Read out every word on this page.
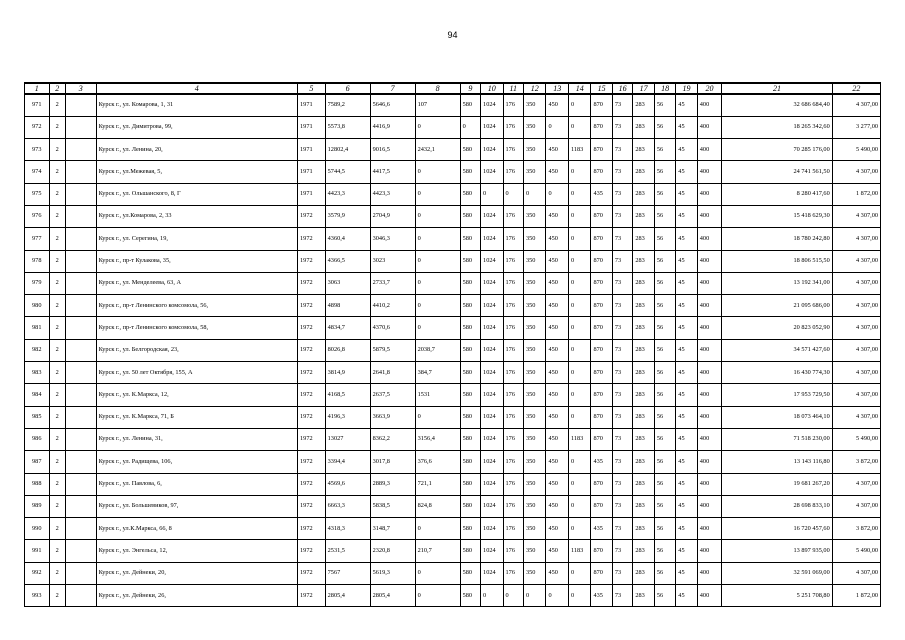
94
1	2	3	4	5	6	7	8	9	10	11	12	13	14	15	16	17	18	19	20	21	22
971	2		Курск г., ул. Комарова, 1, 31	1971	7589,2	5646,6	107	580	1024	176	350	450	0	870	73	283	56	45	400	32 686 684,40	4 307,00
972	2		Курск г., ул. Димитрова, 99,	1971	5573,8	4416,9	0	0	1024	176	350	0	0	870	73	283	56	45	400	18 265 342,60	3 277,00
973	2		Курск г., ул. Ленина, 20,	1971	12802,4	9016,5	2432,1	580	1024	176	350	450	1183	870	73	283	56	45	400	70 285 176,00	5 490,00
974	2		Курск г., ул.Межевая, 5,	1971	5744,5	4417,5	0	580	1024	176	350	450	0	870	73	283	56	45	400	24 741 561,50	4 307,00
975	2		Курск г., ул. Ольшанского, 8, Г	1971	4423,3	4423,3	0	580	0	0	0	0	0	435	73	283	56	45	400	8 280 417,60	1 872,00
976	2		Курск г., ул.Комарова, 2, 33	1972	3579,9	2704,9	0	580	1024	176	350	450	0	870	73	283	56	45	400	15 418 629,30	4 307,00
977	2		Курск г., ул. Серегина, 19,	1972	4360,4	3046,3	0	580	1024	176	350	450	0	870	73	283	56	45	400	18 780 242,80	4 307,00
978	2		Курск г., пр-т Кулакова, 35,	1972	4366,5	3023	0	580	1024	176	350	450	0	870	73	283	56	45	400	18 806 515,50	4 307,00
979	2		Курск г., ул. Менделеева, 63, А	1972	3063	2733,7	0	580	1024	176	350	450	0	870	73	283	56	45	400	13 192 341,00	4 307,00
980	2		Курск г., пр-т Ленинского комсомола, 56,	1972	4898	4410,2	0	580	1024	176	350	450	0	870	73	283	56	45	400	21 095 686,00	4 307,00
981	2		Курск г., пр-т Ленинского комсомола, 58,	1972	4834,7	4370,6	0	580	1024	176	350	450	0	870	73	283	56	45	400	20 823 052,90	4 307,00
982	2		Курск г., ул. Белгородская, 23,	1972	8026,8	5879,5	2038,7	580	1024	176	350	450	0	870	73	283	56	45	400	34 571 427,60	4 307,00
983	2		Курск г., ул. 50 лет Октября, 155, А	1972	3814,9	2641,8	384,7	580	1024	176	350	450	0	870	73	283	56	45	400	16 430 774,30	4 307,00
984	2		Курск г., ул. К.Маркса, 12,	1972	4168,5	2637,5	1531	580	1024	176	350	450	0	870	73	283	56	45	400	17 953 729,50	4 307,00
985	2		Курск г., ул. К.Маркса, 71, Б	1972	4196,3	3663,9	0	580	1024	176	350	450	0	870	73	283	56	45	400	18 073 464,10	4 307,00
986	2		Курск г., ул. Ленина, 31,	1972	13027	8362,2	3156,4	580	1024	176	350	450	1183	870	73	283	56	45	400	71 518 230,00	5 490,00
987	2		Курск г., ул. Радищева, 106,	1972	3394,4	3017,8	376,6	580	1024	176	350	450	0	435	73	283	56	45	400	13 143 116,80	3 872,00
988	2		Курск г., ул. Павлова, 6,	1972	4569,6	2889,3	721,1	580	1024	176	350	450	0	870	73	283	56	45	400	19 681 267,20	4 307,00
989	2		Курск г., ул. Большевиков, 97,	1972	6663,3	5838,5	824,8	580	1024	176	350	450	0	870	73	283	56	45	400	28 698 833,10	4 307,00
990	2		Курск г., ул.К.Маркса, 66, 8	1972	4318,3	3148,7	0	580	1024	176	350	450	0	435	73	283	56	45	400	16 720 457,60	3 872,00
991	2		Курск г., ул. Энгельса, 12,	1972	2531,5	2320,8	210,7	580	1024	176	350	450	1183	870	73	283	56	45	400	13 897 935,00	5 490,00
992	2		Курск г., ул. Дейнеки, 20,	1972	7567	5619,3	0	580	1024	176	350	450	0	870	73	283	56	45	400	32 591 069,00	4 307,00
993	2		Курск г., ул. Дейнеки, 26,	1972	2805,4	2805,4	0	580	0	0	0	0	0	435	73	283	56	45	400	5 251 708,80	1 872,00
